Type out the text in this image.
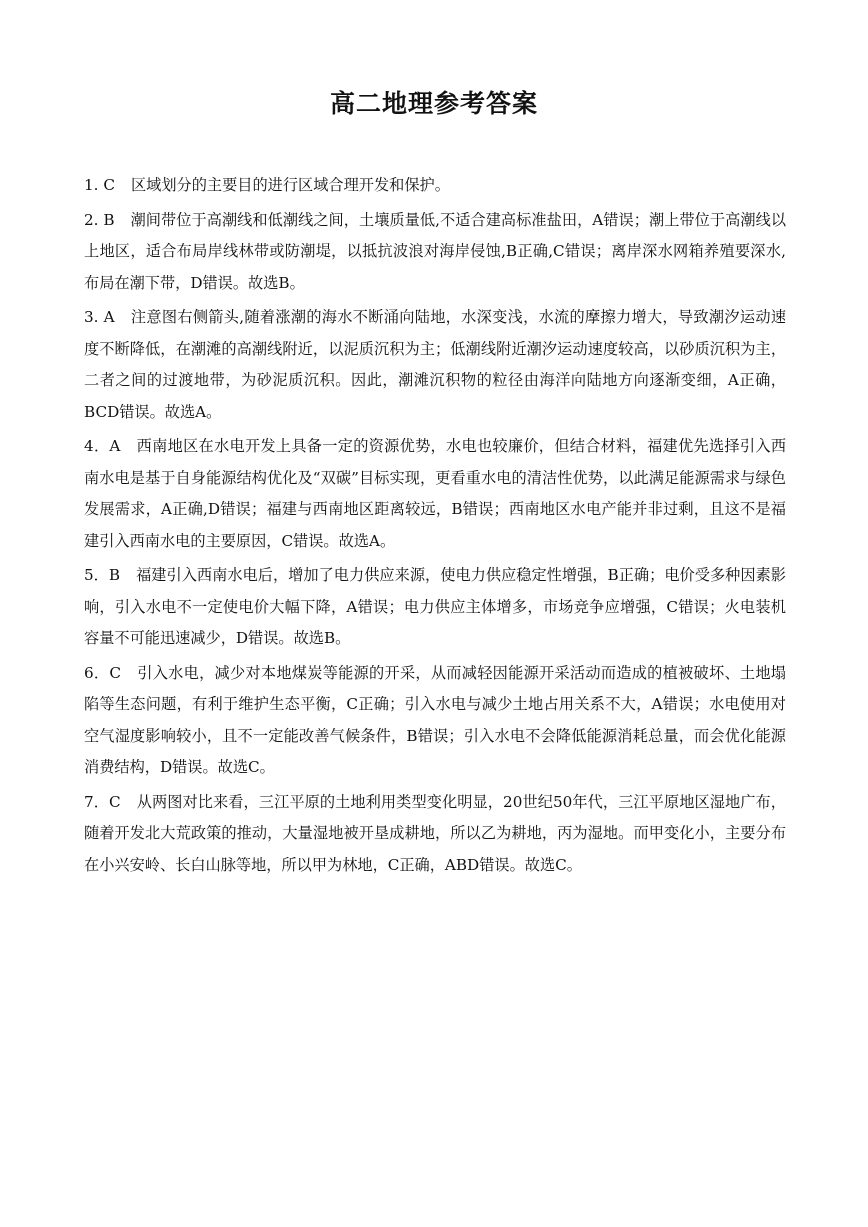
高二地理参考答案

1. C 区域划分的主要目的进行区域合理开发和保护。

2. B 潮间带位于高潮线和低潮线之间，土壤质量低,不适合建高标准盐田，A错误；潮上带位于高潮线以上地区，适合布局岸线林带或防潮堤，以抵抗波浪对海岸侵蚀,B正确,C错误；离岸深水网箱养殖要深水,布局在潮下带，D错误。故选B。

3. A 注意图右侧箭头,随着涨潮的海水不断涌向陆地，水深变浅，水流的摩擦力增大，导致潮汐运动速度不断降低，在潮滩的高潮线附近，以泥质沉积为主；低潮线附近潮汐运动速度较高，以砂质沉积为主，二者之间的过渡地带，为砂泥质沉积。因此，潮滩沉积物的粒径由海洋向陆地方向逐渐变细，A正确，BCD错误。故选A。

4．A 西南地区在水电开发上具备一定的资源优势，水电也较廉价，但结合材料，福建优先选择引入西南水电是基于自身能源结构优化及“双碳”目标实现，更看重水电的清洁性优势，以此满足能源需求与绿色发展需求，A正确,D错误；福建与西南地区距离较远，B错误；西南地区水电产能并非过剩，且这不是福建引入西南水电的主要原因，C错误。故选A。

5．B 福建引入西南水电后，增加了电力供应来源，使电力供应稳定性增强，B正确；电价受多种因素影响，引入水电不一定使电价大幅下降，A错误；电力供应主体增多，市场竞争应增强，C错误；火电装机容量不可能迅速减少，D错误。故选B。

6．C 引入水电，减少对本地煤炭等能源的开采，从而减轻因能源开采活动而造成的植被破坏、土地塌陷等生态问题，有利于维护生态平衡，C正确；引入水电与减少土地占用关系不大，A错误；水电使用对空气湿度影响较小，且不一定能改善气候条件，B错误；引入水电不会降低能源消耗总量，而会优化能源消费结构，D错误。故选C。

7．C 从两图对比来看，三江平原的土地利用类型变化明显，20世纪50年代，三江平原地区湿地广布，随着开发北大荒政策的推动，大量湿地被开垦成耕地，所以乙为耕地，丙为湿地。而甲变化小，主要分布在小兴安岭、长白山脉等地，所以甲为林地，C正确，ABD错误。故选C。
